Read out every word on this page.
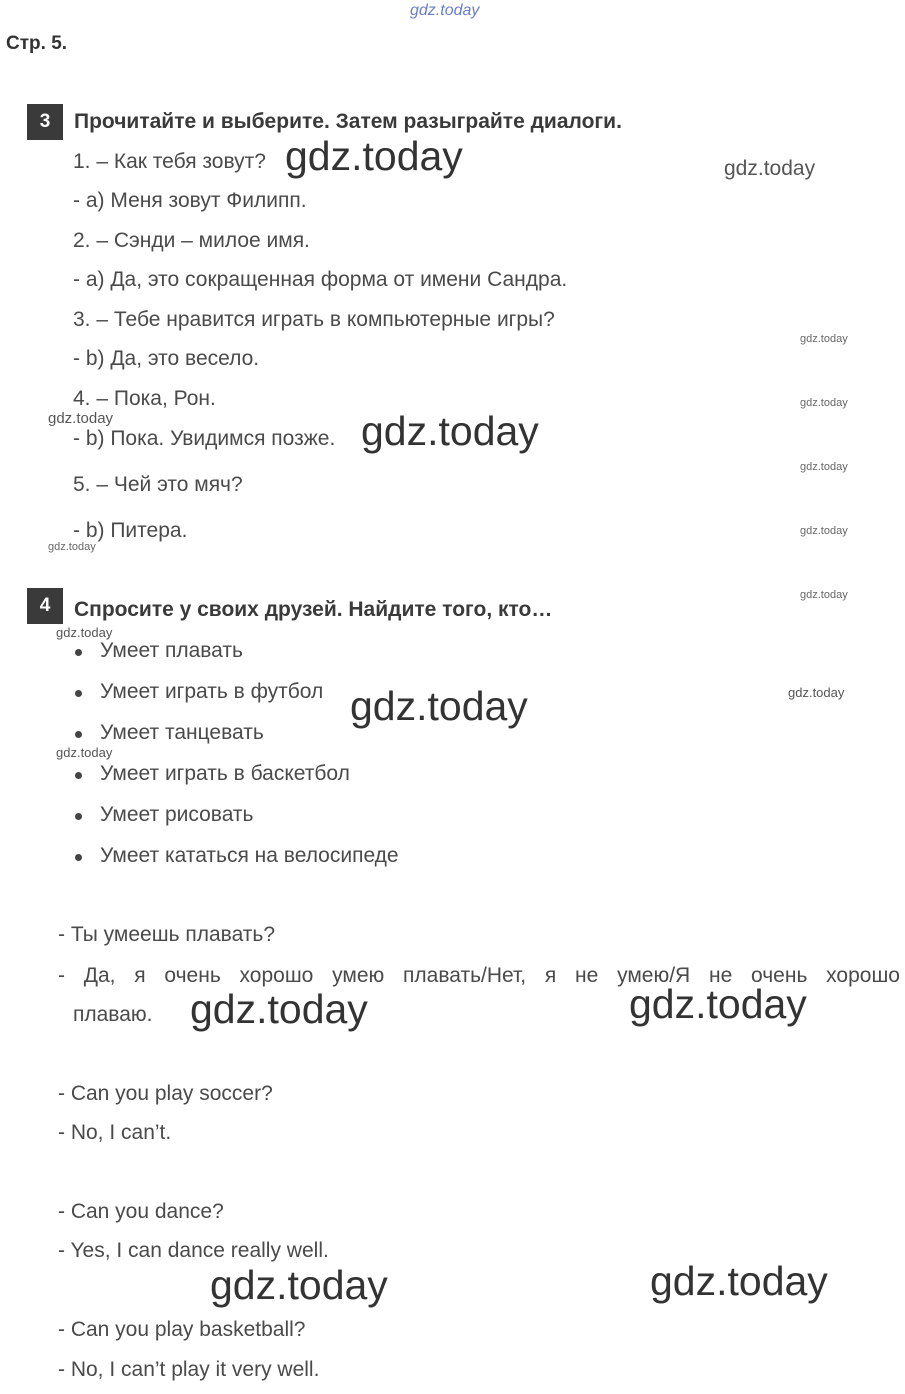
gdz.today
Стр. 5.
3	Прочитайте и выберите. Затем разыграйте диалоги.
1. – Как тебя зовут?
- a) Меня зовут Филипп.
2. – Сэнди – милое имя.
- a) Да, это сокращенная форма от имени Сандра.
3. – Тебе нравится играть в компьютерные игры?
- b) Да, это весело.
4. – Пока, Рон.
- b) Пока. Увидимся позже.
5. – Чей это мяч?
- b) Питера.
4	Спросите у своих друзей. Найдите того, кто…
Умеет плавать
Умеет играть в футбол
Умеет танцевать
Умеет играть в баскетбол
Умеет рисовать
Умеет кататься на велосипеде
- Ты умеешь плавать?
- Да, я очень хорошо умею плавать/Нет, я не умею/Я не очень хорошо
плаваю.
- Can you play soccer?
- No, I can’t.
- Can you dance?
- Yes, I can dance really well.
- Can you play basketball?
- No, I can’t play it very well.
gdz.today	gdz.today
gdz.today
gdz.today
gdz.today	gdz.today
gdz.today
gdz.today
gdz.today
gdz.today
gdz.today
gdz.today
gdz.today
gdz.today
gdz.today	gdz.today
gdz.today	gdz.today
